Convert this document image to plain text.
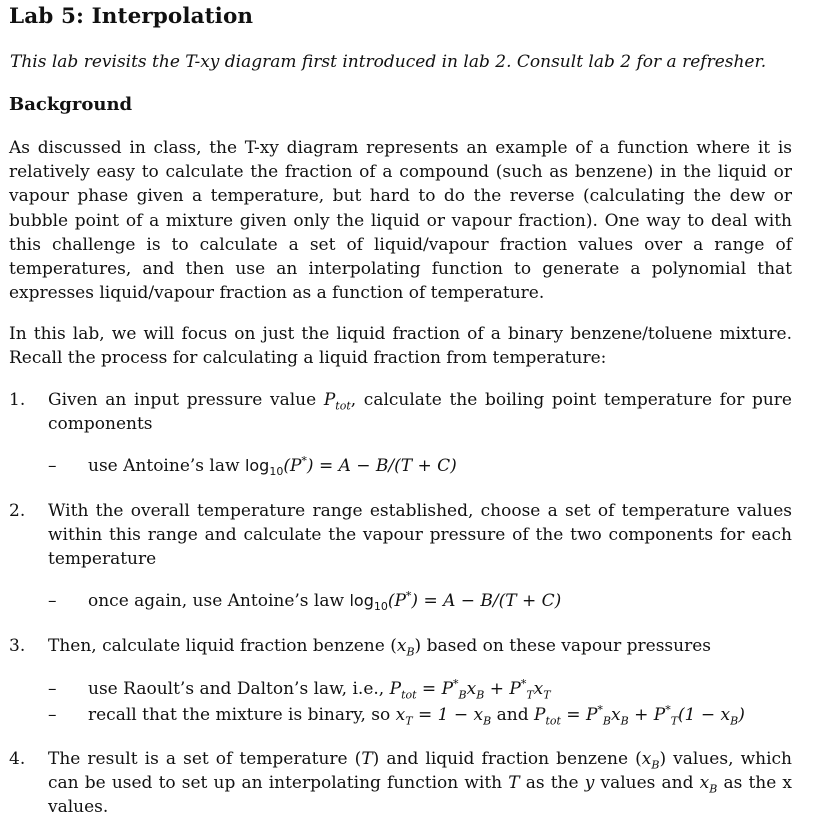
Lab 5: Interpolation

This lab revisits the T-xy diagram first introduced in lab 2. Consult lab 2 for a refresher.

Background

As discussed in class, the T-xy diagram represents an example of a function where it is relatively easy to calculate the fraction of a compound (such as benzene) in the liquid or vapour phase given a temperature, but hard to do the reverse (calculating the dew or bubble point of a mixture given only the liquid or vapour fraction). One way to deal with this challenge is to calculate a set of liquid/vapour fraction values over a range of temperatures, and then use an interpolating function to generate a polynomial that expresses liquid/vapour fraction as a function of temperature.

In this lab, we will focus on just the liquid fraction of a binary benzene/toluene mixture. Recall the process for calculating a liquid fraction from temperature:

1. Given an input pressure value $P_{tot}$, calculate the boiling point temperature for pure components

– use Antoine’s law $\log_{10}(P^*) = A - B/(T + C)$
2. With the overall temperature range established, choose a set of temperature values within this range and calculate the vapour pressure of the two components for each temperature

– once again, use Antoine’s law $\log_{10}(P^*) = A - B/(T + C)$
3. Then, calculate liquid fraction benzene $(x_B)$ based on these vapour pressures

– use Raoult’s and Dalton’s law, i.e., $P_{tot} = P^*_Bx_B + P^*_Tx_T$
– recall that the mixture is binary, so $x_T = 1 - x_B$ and $P_{tot} = P^*_Bx_B + P^*_T(1 - x_B)$
4. The result is a set of temperature (T) and liquid fraction benzene $(x_B)$ values, which can be used to set up an interpolating function with T as the y values and $x_B$ as the x values.
